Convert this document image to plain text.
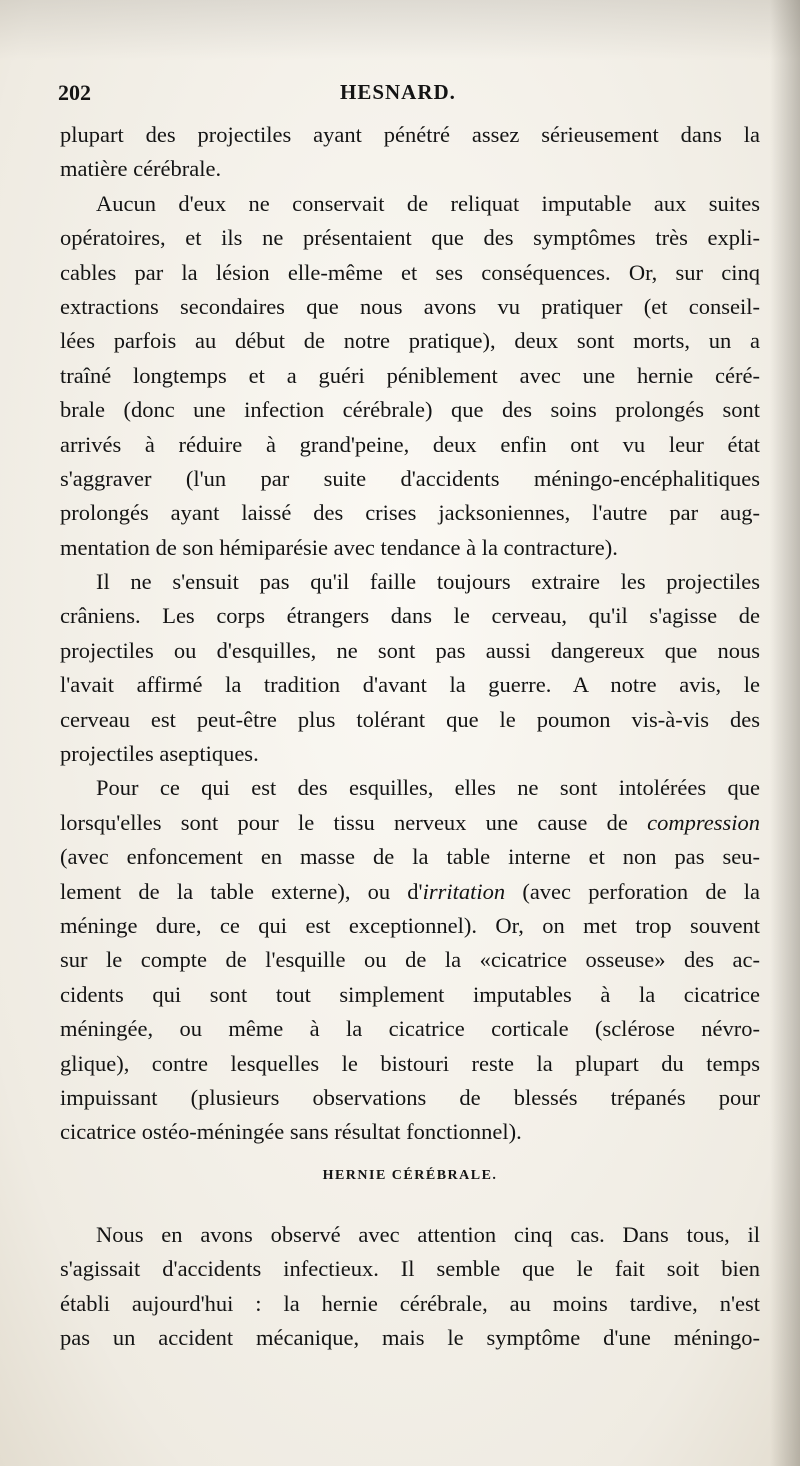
202	HESNARD.
plupart des projectiles ayant pénétré assez sérieusement dans la
matière cérébrale.
Aucun d'eux ne conservait de reliquat imputable aux suites
opératoires, et ils ne présentaient que des symptômes très expli-
cables par la lésion elle-même et ses conséquences. Or, sur cinq
extractions secondaires que nous avons vu pratiquer (et conseil-
lées parfois au début de notre pratique), deux sont morts, un a
traîné longtemps et a guéri péniblement avec une hernie céré-
brale (donc une infection cérébrale) que des soins prolongés sont
arrivés à réduire à grand'peine, deux enfin ont vu leur état
s'aggraver (l'un par suite d'accidents méningo-encéphalitiques
prolongés ayant laissé des crises jacksoniennes, l'autre par aug-
mentation de son hémiparésie avec tendance à la contracture).
Il ne s'ensuit pas qu'il faille toujours extraire les projectiles
crâniens. Les corps étrangers dans le cerveau, qu'il s'agisse de
projectiles ou d'esquilles, ne sont pas aussi dangereux que nous
l'avait affirmé la tradition d'avant la guerre. A notre avis, le
cerveau est peut-être plus tolérant que le poumon vis-à-vis des
projectiles aseptiques.
Pour ce qui est des esquilles, elles ne sont intolérées que
lorsqu'elles sont pour le tissu nerveux une cause de compression
(avec enfoncement en masse de la table interne et non pas seu-
lement de la table externe), ou d'irritation (avec perforation de la
méninge dure, ce qui est exceptionnel). Or, on met trop souvent
sur le compte de l'esquille ou de la «cicatrice osseuse» des ac-
cidents qui sont tout simplement imputables à la cicatrice
méningée, ou même à la cicatrice corticale (sclérose névro-
glique), contre lesquelles le bistouri reste la plupart du temps
impuissant (plusieurs observations de blessés trépanés pour
cicatrice ostéo-méningée sans résultat fonctionnel).
HERNIE CÉRÉBRALE.
Nous en avons observé avec attention cinq cas. Dans tous, il
s'agissait d'accidents infectieux. Il semble que le fait soit bien
établi aujourd'hui : la hernie cérébrale, au moins tardive, n'est
pas un accident mécanique, mais le symptôme d'une méningo-
